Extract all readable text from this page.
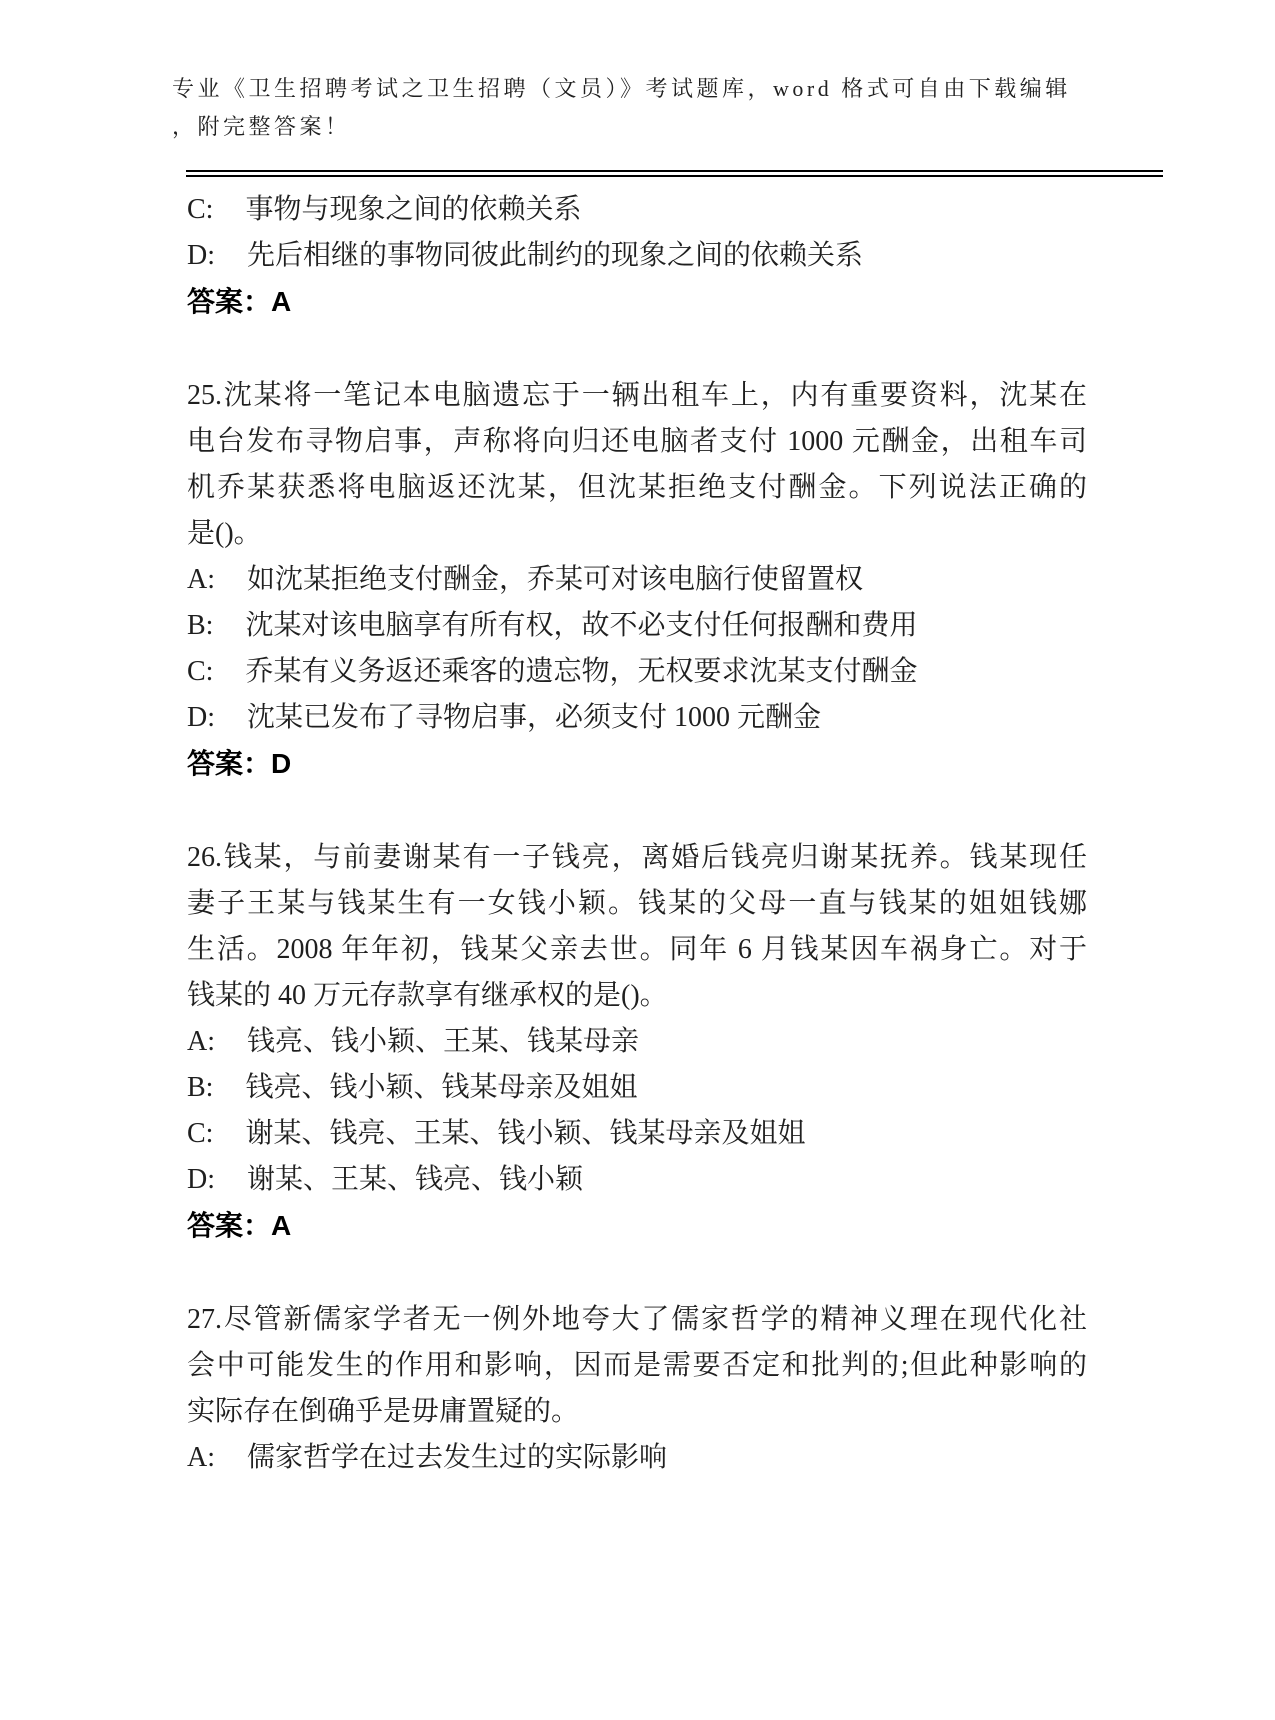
专业《卫生招聘考试之卫生招聘（文员）》考试题库，word 格式可自由下载编辑
，附完整答案！
C: 事物与现象之间的依赖关系
D: 先后相继的事物同彼此制约的现象之间的依赖关系
答案：A
25.沈某将一笔记本电脑遗忘于一辆出租车上，内有重要资料，沈某在
电台发布寻物启事，声称将向归还电脑者支付 1000 元酬金，出租车司
机乔某获悉将电脑返还沈某，但沈某拒绝支付酬金。下列说法正确的
是()。
A: 如沈某拒绝支付酬金，乔某可对该电脑行使留置权
B: 沈某对该电脑享有所有权，故不必支付任何报酬和费用
C: 乔某有义务返还乘客的遗忘物，无权要求沈某支付酬金
D: 沈某已发布了寻物启事，必须支付 1000 元酬金
答案：D
26.钱某，与前妻谢某有一子钱亮，离婚后钱亮归谢某抚养。钱某现任
妻子王某与钱某生有一女钱小颖。钱某的父母一直与钱某的姐姐钱娜
生活。2008 年年初，钱某父亲去世。同年 6 月钱某因车祸身亡。对于
钱某的 40 万元存款享有继承权的是()。
A: 钱亮、钱小颖、王某、钱某母亲
B: 钱亮、钱小颖、钱某母亲及姐姐
C: 谢某、钱亮、王某、钱小颖、钱某母亲及姐姐
D: 谢某、王某、钱亮、钱小颖
答案：A
27.尽管新儒家学者无一例外地夸大了儒家哲学的精神义理在现代化社
会中可能发生的作用和影响，因而是需要否定和批判的;但此种影响的
实际存在倒确乎是毋庸置疑的。
A: 儒家哲学在过去发生过的实际影响
